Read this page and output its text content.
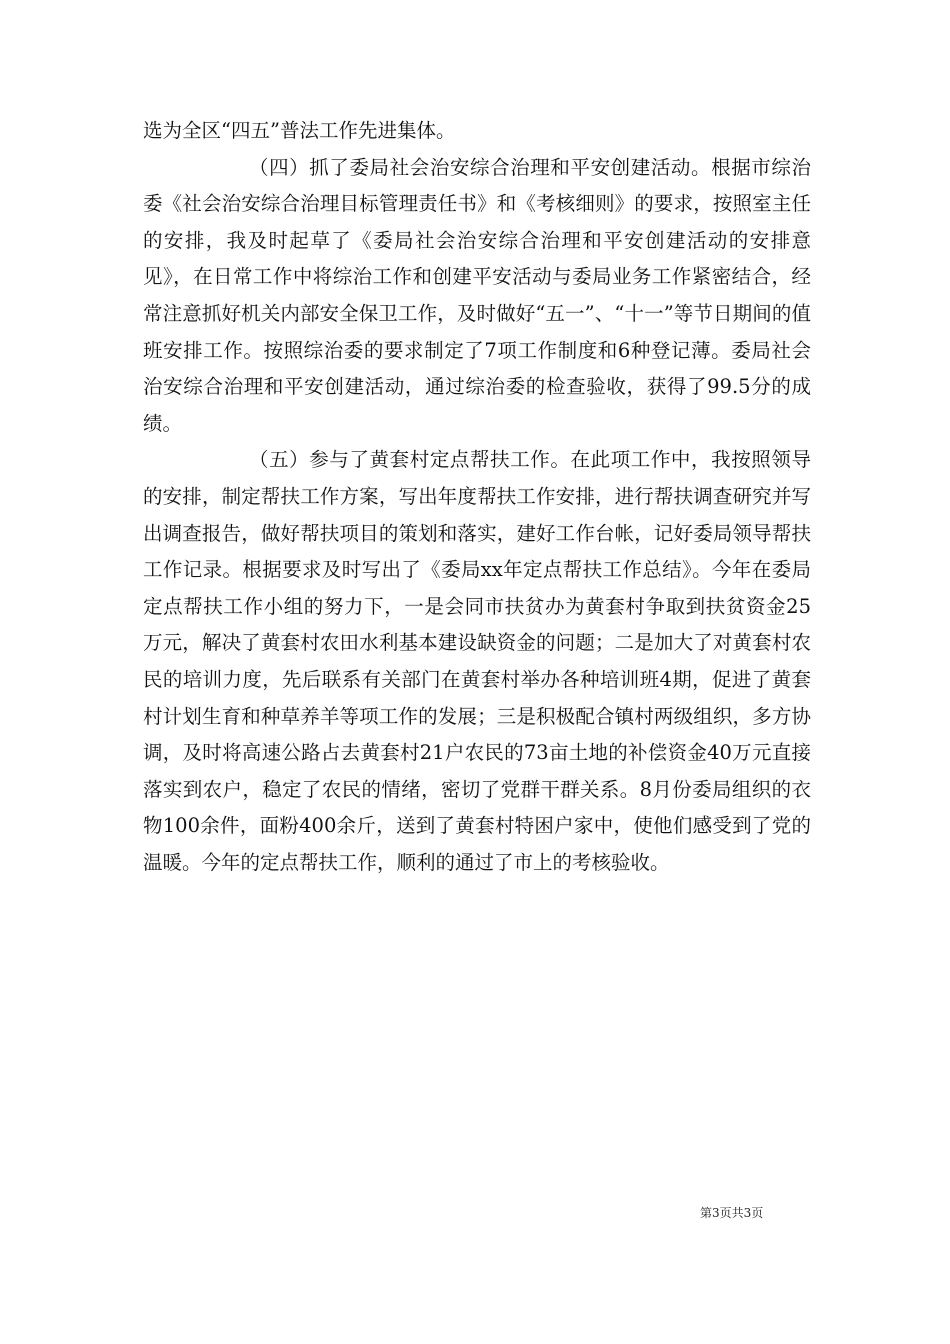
选为全区“四五”普法工作先进集体。

（四）抓了委局社会治安综合治理和平安创建活动。根据市综治委《社会治安综合治理目标管理责任书》和《考核细则》的要求，按照室主任的安排，我及时起草了《委局社会治安综合治理和平安创建活动的安排意见》，在日常工作中将综治工作和创建平安活动与委局业务工作紧密结合，经常注意抓好机关内部安全保卫工作，及时做好“五一”、“十一”等节日期间的值班安排工作。按照综治委的要求制定了7项工作制度和6种登记薄。委局社会治安综合治理和平安创建活动，通过综治委的检查验收，获得了99.5分的成绩。

（五）参与了黄套村定点帮扶工作。在此项工作中，我按照领导的安排，制定帮扶工作方案，写出年度帮扶工作安排，进行帮扶调查研究并写出调查报告，做好帮扶项目的策划和落实，建好工作台帐，记好委局领导帮扶工作记录。根据要求及时写出了《委局xx年定点帮扶工作总结》。今年在委局定点帮扶工作小组的努力下，一是会同市扶贫办为黄套村争取到扶贫资金25万元，解决了黄套村农田水利基本建设缺资金的问题；二是加大了对黄套村农民的培训力度，先后联系有关部门在黄套村举办各种培训班4期，促进了黄套村计划生育和种草养羊等项工作的发展；三是积极配合镇村两级组织，多方协调，及时将高速公路占去黄套村21户农民的73亩土地的补偿资金40万元直接落实到农户，稳定了农民的情绪，密切了党群干群关系。8月份委局组织的衣物100余件，面粉400余斤，送到了黄套村特困户家中，使他们感受到了党的温暖。今年的定点帮扶工作，顺利的通过了市上的考核验收。

第3页共3页
